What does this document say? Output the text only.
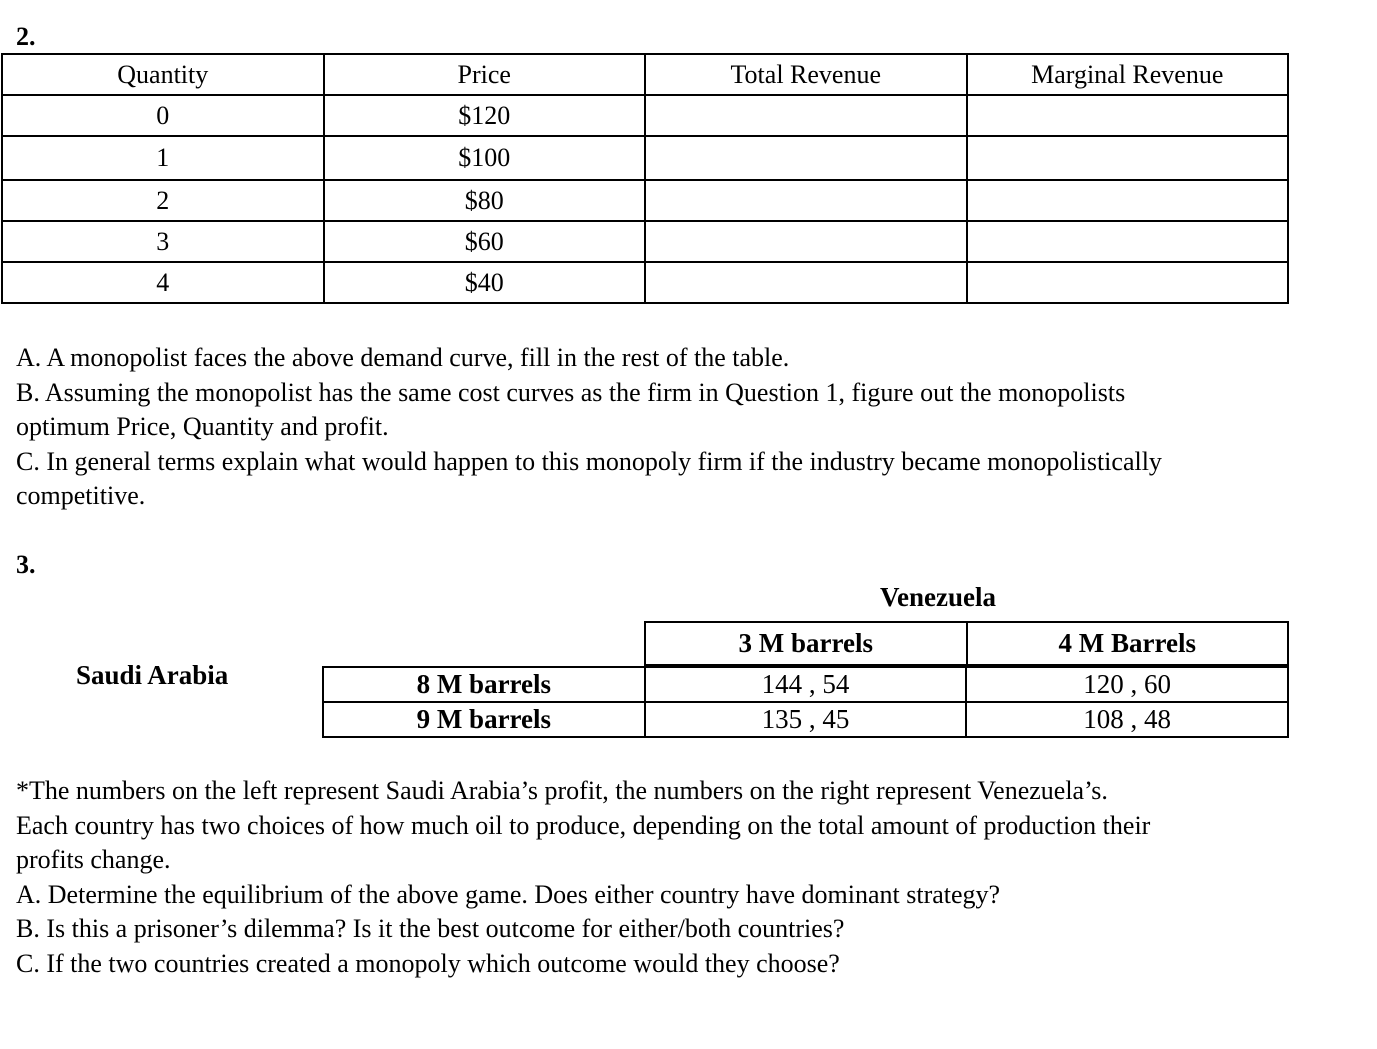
2.
Quantity	Price	Total Revenue	Marginal Revenue
0	$120		
1	$100		
2	$80		
3	$60		
4	$40		

A. A monopolist faces the above demand curve, fill in the rest of the table.

B. Assuming the monopolist has the same cost curves as the firm in Question 1, figure out the monopolists optimum Price, Quantity and profit.

C. In general terms explain what would happen to this monopoly firm if the industry became monopolistically competitive.

3.
Venezuela
Saudi Arabia
3 M barrels	4 M Barrels
8 M barrels	144 , 54	120 , 60
9 M barrels	135 , 45	108 , 48

*The numbers on the left represent Saudi Arabia’s profit, the numbers on the right represent Venezuela’s.

Each country has two choices of how much oil to produce, depending on the total amount of production their profits change.

A. Determine the equilibrium of the above game. Does either country have dominant strategy?

B. Is this a prisoner’s dilemma? Is it the best outcome for either/both countries?

C. If the two countries created a monopoly which outcome would they choose?
